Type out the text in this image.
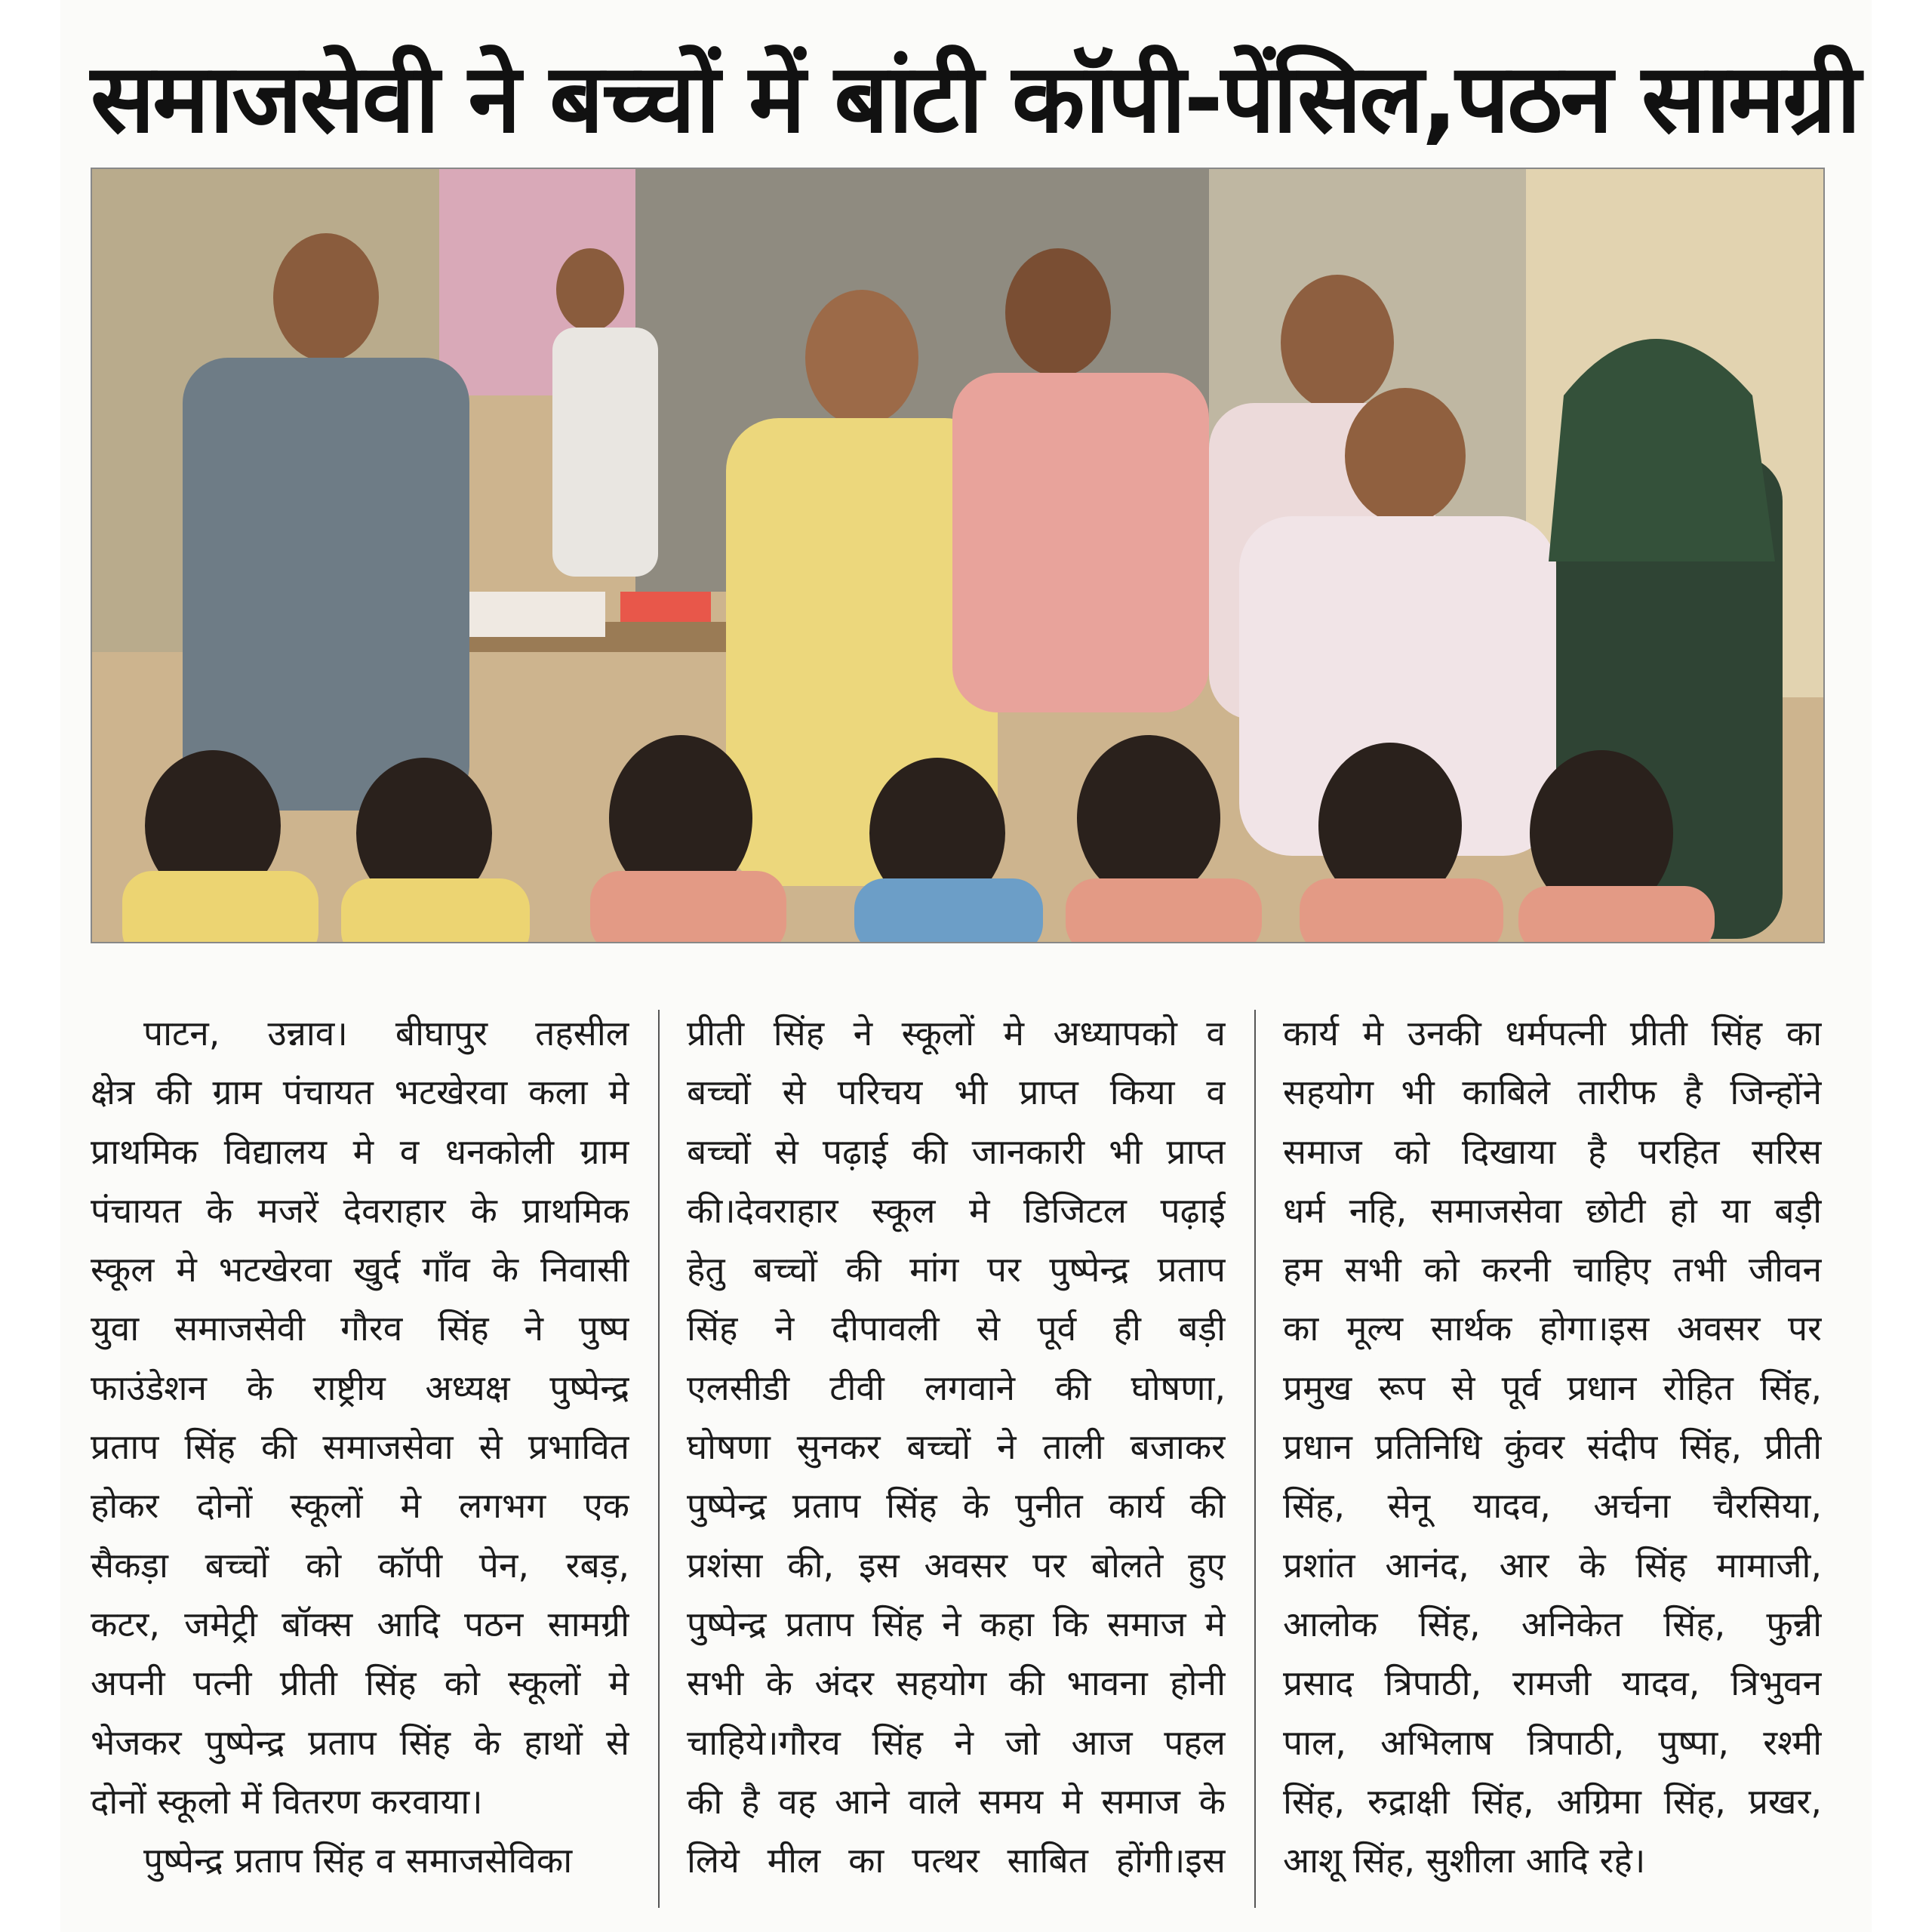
समाजसेवी ने बच्चों में बांटी कॉपी-पेंसिल,पठन सामग्री
पाटन, उन्नाव। बीघापुर तहसील
क्षेत्र की ग्राम पंचायत भटखेरवा कला मे
प्राथमिक विद्यालय मे व धनकोली ग्राम
पंचायत के मजरें देवराहार के प्राथमिक
स्कूल मे भटखेरवा खुर्द गाँव के निवासी
युवा समाजसेवी गौरव सिंह ने पुष्प
फाउंडेशन के राष्ट्रीय अध्यक्ष पुष्पेन्द्र
प्रताप सिंह की समाजसेवा से प्रभावित
होकर दोनों स्कूलों मे लगभग एक
सैकड़ा बच्चों को कॉपी पेन, रबड़,
कटर, जमेट्री बॉक्स आदि पठन सामग्री
अपनी पत्नी प्रीती सिंह को स्कूलों मे
भेजकर पुष्पेन्द्र प्रताप सिंह के हाथों से
दोनों स्कूलो में वितरण करवाया।
पुष्पेन्द्र प्रताप सिंह व समाजसेविका
प्रीती सिंह ने स्कूलों मे अध्यापको व
बच्चों से परिचय भी प्राप्त किया व
बच्चों से पढ़ाई की जानकारी भी प्राप्त
की।देवराहार स्कूल मे डिजिटल पढ़ाई
हेतु बच्चों की मांग पर पुष्पेन्द्र प्रताप
सिंह ने दीपावली से पूर्व ही बड़ी
एलसीडी टीवी लगवाने की घोषणा,
घोषणा सुनकर बच्चों ने ताली बजाकर
पुष्पेन्द्र प्रताप सिंह के पुनीत कार्य की
प्रशंसा की, इस अवसर पर बोलते हुए
पुष्पेन्द्र प्रताप सिंह ने कहा कि समाज मे
सभी के अंदर सहयोग की भावना होनी
चाहिये।गौरव सिंह ने जो आज पहल
की है वह आने वाले समय मे समाज के
लिये मील का पत्थर साबित होंगी।इस
कार्य मे उनकी धर्मपत्नी प्रीती सिंह का
सहयोग भी काबिले तारीफ है जिन्होंने
समाज को दिखाया है परहित सरिस
धर्म नहि, समाजसेवा छोटी हो या बड़ी
हम सभी को करनी चाहिए तभी जीवन
का मूल्य सार्थक होगा।इस अवसर पर
प्रमुख रूप से पूर्व प्रधान रोहित सिंह,
प्रधान प्रतिनिधि कुंवर संदीप सिंह, प्रीती
सिंह, सेनू यादव, अर्चना चैरसिया,
प्रशांत आनंद, आर के सिंह मामाजी,
आलोक सिंह, अनिकेत सिंह, फुन्नी
प्रसाद त्रिपाठी, रामजी यादव, त्रिभुवन
पाल, अभिलाष त्रिपाठी, पुष्पा, रश्मी
सिंह, रुद्राक्षी सिंह, अग्रिमा सिंह, प्रखर,
आशू सिंह, सुशीला आदि रहे।
